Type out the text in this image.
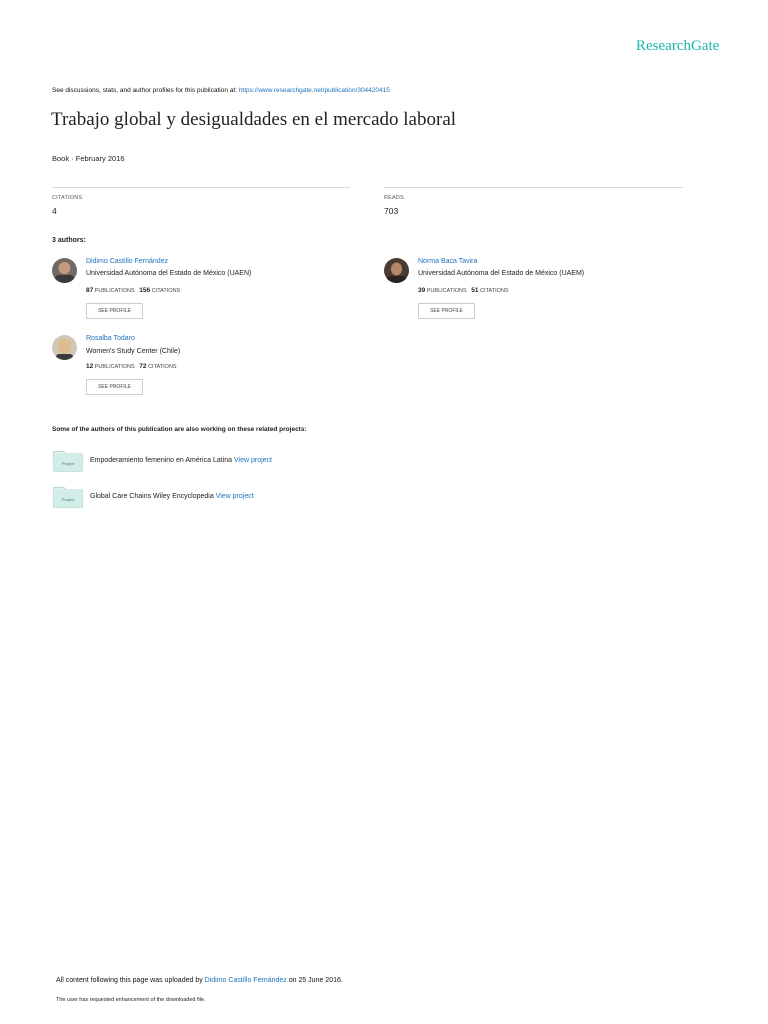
ResearchGate
See discussions, stats, and author profiles for this publication at: https://www.researchgate.net/publication/304420415
Trabajo global y desigualdades en el mercado laboral
Book · February 2016
CITATIONS
4
READS
703
3 authors:
Didimo Castillo Fernández
Universidad Autónoma del Estado de México (UAEN)
87 PUBLICATIONS 156 CITATIONS
SEE PROFILE
Norma Baca Tavira
Universidad Autónoma del Estado de México (UAEM)
39 PUBLICATIONS 51 CITATIONS
SEE PROFILE
Rosalba Todaro
Women's Study Center (Chile)
12 PUBLICATIONS 72 CITATIONS
SEE PROFILE
Some of the authors of this publication are also working on these related projects:
Project Empoderamiento femenino en América Latina View project
Project Global Care Chains Wiley Encyclopedia View project
All content following this page was uploaded by Didimo Castillo Fernández on 25 June 2016.
The user has requested enhancement of the downloaded file.
